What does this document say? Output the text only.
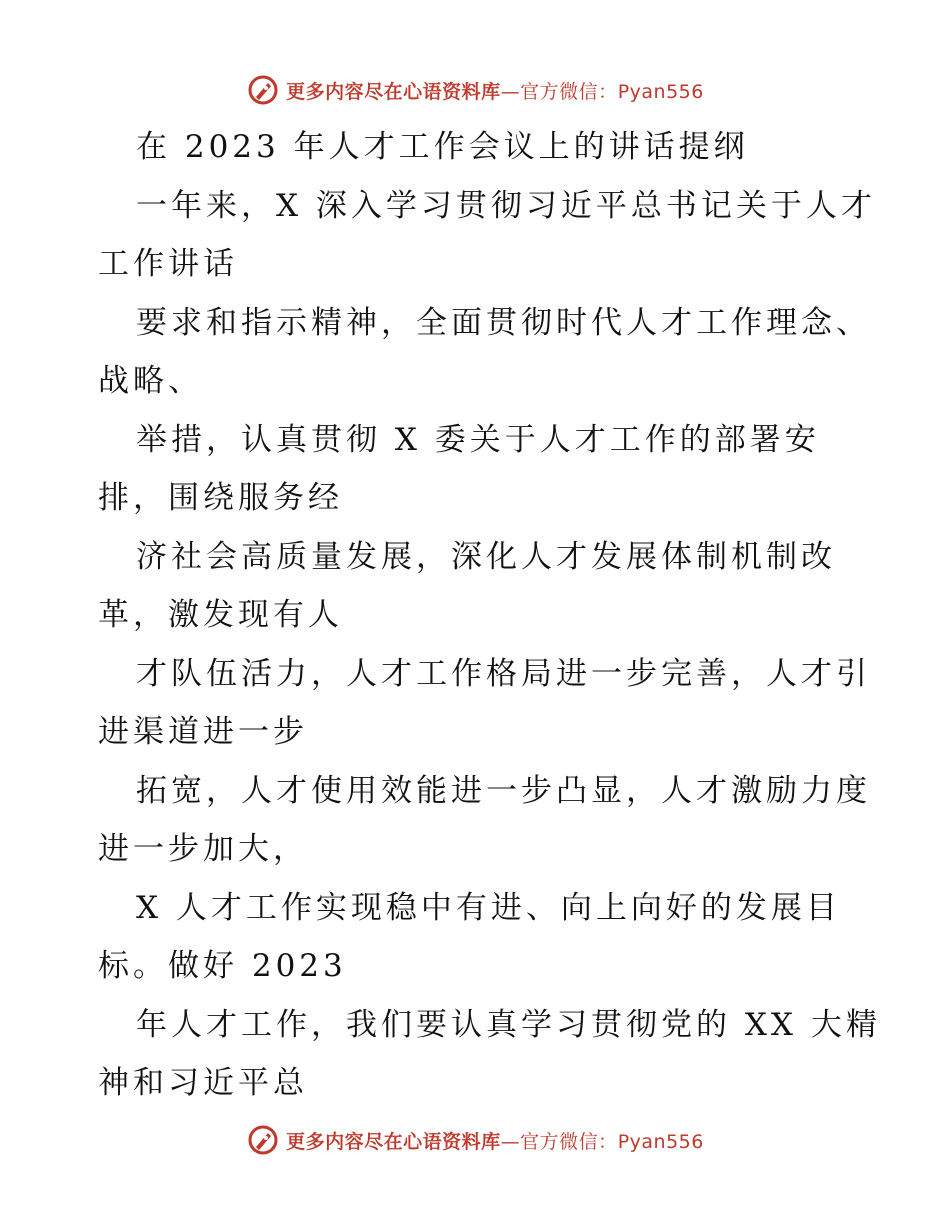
更多内容尽在心语资料库—官方微信：Pyan556
在 2023 年人才工作会议上的讲话提纲
一年来，X 深入学习贯彻习近平总书记关于人才
工作讲话
要求和指示精神，全面贯彻时代人才工作理念、
战略、
举措，认真贯彻 X 委关于人才工作的部署安
排，围绕服务经
济社会高质量发展，深化人才发展体制机制改
革，激发现有人
才队伍活力，人才工作格局进一步完善，人才引
进渠道进一步
拓宽，人才使用效能进一步凸显，人才激励力度
进一步加大，
X 人才工作实现稳中有进、向上向好的发展目
标。做好 2023
年人才工作，我们要认真学习贯彻党的 XX 大精
神和习近平总
更多内容尽在心语资料库—官方微信：Pyan556
